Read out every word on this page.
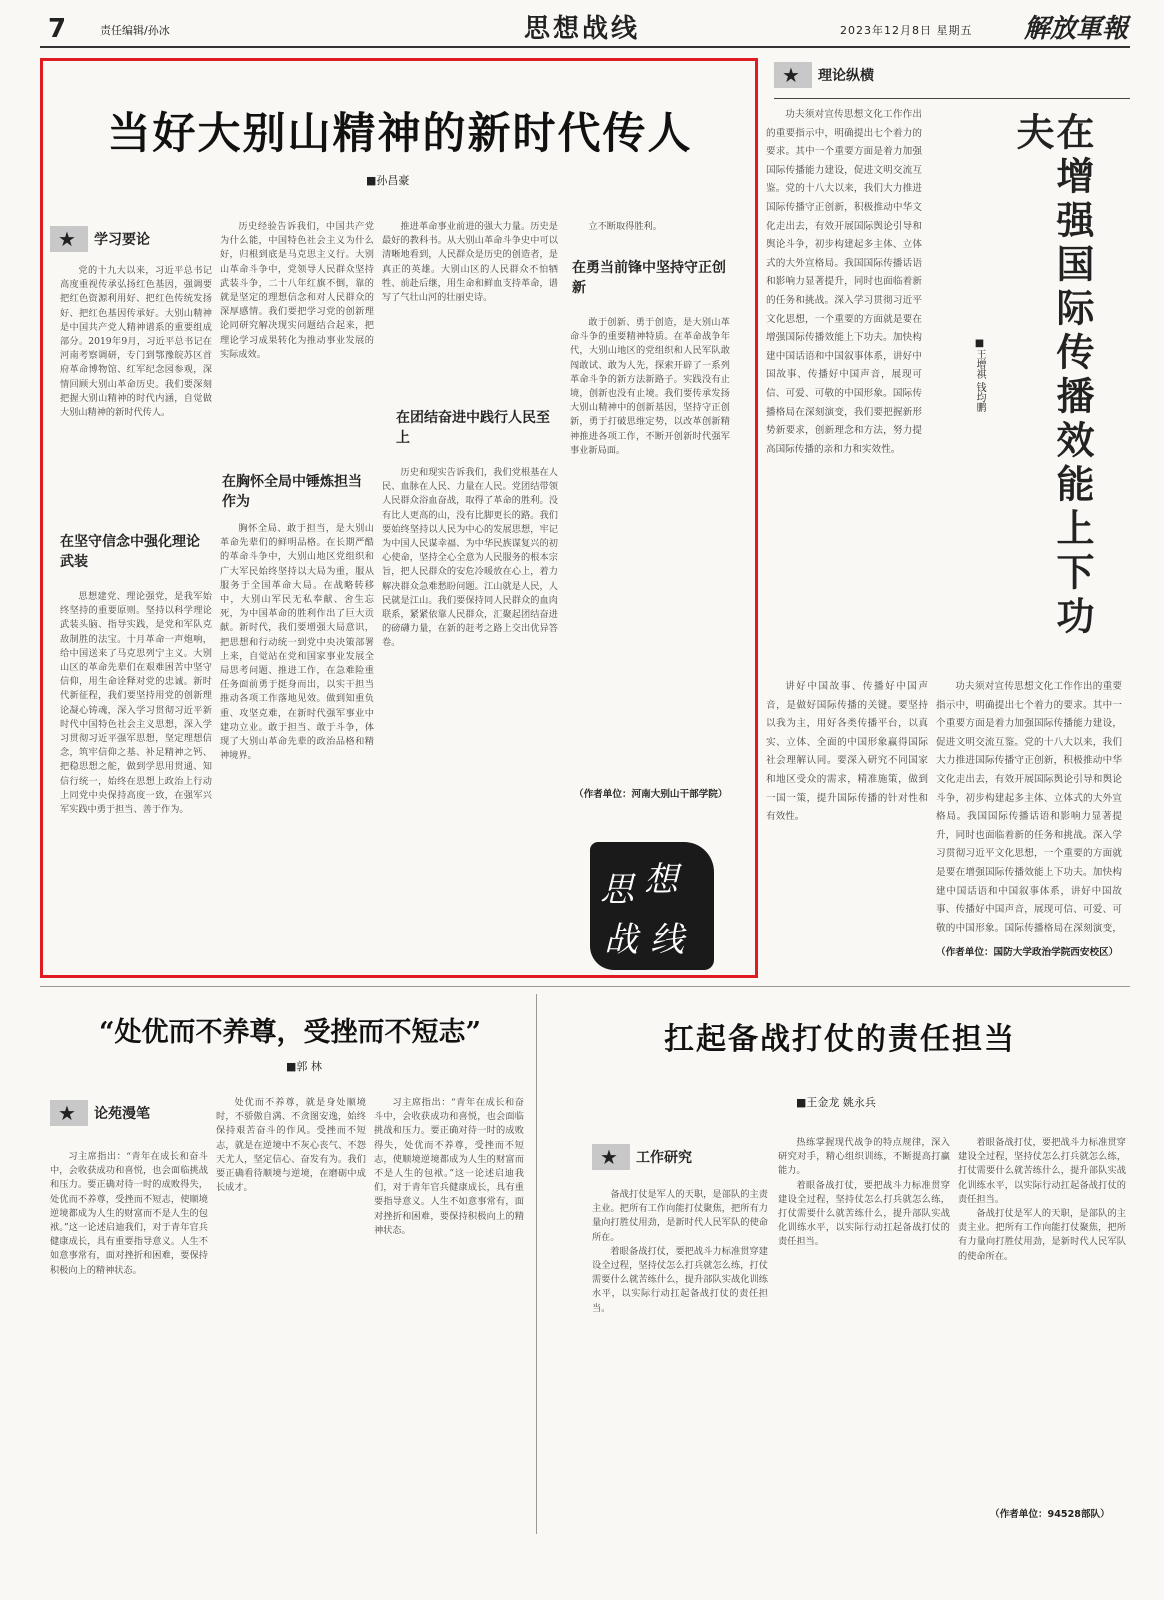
7	责任编辑/孙冰	思想战线	2023年12月8日 星期五 解放軍報
当好大别山精神的新时代传人
■孙昌豪
★ 学习要论

党的十九大以来，习近平总书记高度重视传承弘扬红色基因，强调要把红色资源利用好、把红色传统发扬好、把红色基因传承好。大别山精神是中国共产党人精神谱系的重要组成部分。2019年9月，习近平总书记在河南考察调研，专门到鄂豫皖苏区首府革命博物馆、红军纪念园参观，深情回顾大别山革命历史。我们要深刻把握大别山精神的时代内涵，自觉做大别山精神的新时代传人。

在坚守信念中强化理论武装

思想建党、理论强党，是我军始终坚持的重要原则。坚持以科学理论武装头脑、指导实践，是党和军队克敌制胜的法宝。十月革命一声炮响，给中国送来了马克思列宁主义。大别山区的革命先辈们在艰难困苦中坚守信仰，用生命诠释对党的忠诚。新时代新征程，我们要坚持用党的创新理论凝心铸魂，深入学习贯彻习近平新时代中国特色社会主义思想，深入学习贯彻习近平强军思想，坚定理想信念，筑牢信仰之基、补足精神之钙、把稳思想之舵，做到学思用贯通、知信行统一，始终在思想上政治上行动上同党中央保持高度一致，在强军兴军实践中勇于担当、善于作为。

历史经验告诉我们，中国共产党为什么能，中国特色社会主义为什么好，归根到底是马克思主义行。大别山革命斗争中，党领导人民群众坚持武装斗争，二十八年红旗不倒，靠的就是坚定的理想信念和对人民群众的深厚感情。我们要把学习党的创新理论同研究解决现实问题结合起来，把理论学习成果转化为推动事业发展的实际成效。

在胸怀全局中锤炼担当作为

胸怀全局、敢于担当，是大别山革命先辈们的鲜明品格。在长期严酷的革命斗争中，大别山地区党组织和广大军民始终坚持以大局为重，服从服务于全国革命大局。在战略转移中，大别山军民无私奉献、舍生忘死，为中国革命的胜利作出了巨大贡献。新时代，我们要增强大局意识，把思想和行动统一到党中央决策部署上来，自觉站在党和国家事业发展全局思考问题、推进工作，在急难险重任务面前勇于挺身而出，以实干担当推动各项工作落地见效。做到知重负重、攻坚克难，在新时代强军事业中建功立业。敢于担当、敢于斗争，体现了大别山革命先辈的政治品格和精神境界。

推进革命事业前进的强大力量。历史是最好的教科书。从大别山革命斗争史中可以清晰地看到，人民群众是历史的创造者，是真正的英雄。大别山区的人民群众不怕牺牲、前赴后继，用生命和鲜血支持革命，谱写了气壮山河的壮丽史诗。

在团结奋进中践行人民至上

历史和现实告诉我们，我们党根基在人民、血脉在人民、力量在人民。党团结带领人民群众浴血奋战，取得了革命的胜利。没有比人更高的山，没有比脚更长的路。我们要始终坚持以人民为中心的发展思想，牢记为中国人民谋幸福、为中华民族谋复兴的初心使命，坚持全心全意为人民服务的根本宗旨，把人民群众的安危冷暖放在心上，着力解决群众急难愁盼问题。江山就是人民，人民就是江山。我们要保持同人民群众的血肉联系，紧紧依靠人民群众，汇聚起团结奋进的磅礴力量，在新的赶考之路上交出优异答卷。

立不断取得胜利。

在勇当前锋中坚持守正创新

敢于创新、勇于创造，是大别山革命斗争的重要精神特质。在革命战争年代，大别山地区的党组织和人民军队敢闯敢试、敢为人先，探索开辟了一系列革命斗争的新方法新路子。实践没有止境，创新也没有止境。我们要传承发扬大别山精神中的创新基因，坚持守正创新，勇于打破思维定势，以改革创新精神推进各项工作，不断开创新时代强军事业新局面。

（作者单位：河南大别山干部学院）
想
思
战 线
★ 理论纵横

功夫须对宣传思想文化工作作出的重要指示中，明确提出七个着力的要求。其中一个重要方面是着力加强国际传播能力建设，促进文明交流互鉴。党的十八大以来，我们大力推进国际传播守正创新，积极推动中华文化走出去，有效开展国际舆论引导和舆论斗争，初步构建起多主体、立体式的大外宣格局。我国国际传播话语和影响力显著提升，同时也面临着新的任务和挑战。深入学习贯彻习近平文化思想，一个重要的方面就是要在增强国际传播效能上下功夫。加快构建中国话语和中国叙事体系，讲好中国故事、传播好中国声音，展现可信、可爱、可敬的中国形象。国际传播格局在深刻演变，我们要把握新形势新要求，创新理念和方法，努力提高国际传播的亲和力和实效性。	在增强国际传播效能上下功夫
■王增祺 钱均鹏

讲好中国故事、传播好中国声音，是做好国际传播的关键。要坚持以我为主，用好各类传播平台，以真实、立体、全面的中国形象赢得国际社会理解认同。要深入研究不同国家和地区受众的需求，精准施策，做到一国一策，提升国际传播的针对性和有效性。

功夫须对宣传思想文化工作作出的重要指示中，明确提出七个着力的要求。其中一个重要方面是着力加强国际传播能力建设，促进文明交流互鉴。党的十八大以来，我们大力推进国际传播守正创新，积极推动中华文化走出去，有效开展国际舆论引导和舆论斗争，初步构建起多主体、立体式的大外宣格局。我国国际传播话语和影响力显著提升，同时也面临着新的任务和挑战。深入学习贯彻习近平文化思想，一个重要的方面就是要在增强国际传播效能上下功夫。加快构建中国话语和中国叙事体系，讲好中国故事、传播好中国声音，展现可信、可爱、可敬的中国形象。国际传播格局在深刻演变，

（作者单位：国防大学政治学院西安校区）
“处优而不养尊，受挫而不短志”
■郭 林
★ 论苑漫笔

习主席指出：“青年在成长和奋斗中，会收获成功和喜悦，也会面临挑战和压力。要正确对待一时的成败得失，处优而不养尊，受挫而不短志，使顺境逆境都成为人生的财富而不是人生的包袱。”这一论述启迪我们，对于青年官兵健康成长，具有重要指导意义。人生不如意事常有，面对挫折和困难，要保持积极向上的精神状态。

处优而不养尊，就是身处顺境时，不骄傲自满、不贪图安逸，始终保持艰苦奋斗的作风。受挫而不短志，就是在逆境中不灰心丧气、不怨天尤人，坚定信心、奋发有为。我们要正确看待顺境与逆境，在磨砺中成长成才。

习主席指出：“青年在成长和奋斗中，会收获成功和喜悦，也会面临挑战和压力。要正确对待一时的成败得失，处优而不养尊，受挫而不短志，使顺境逆境都成为人生的财富而不是人生的包袱。”这一论述启迪我们，对于青年官兵健康成长，具有重要指导意义。人生不如意事常有，面对挫折和困难，要保持积极向上的精神状态。

扛起备战打仗的责任担当
■王金龙 姚永兵
★ 工作研究

备战打仗是军人的天职，是部队的主责主业。把所有工作向能打仗聚焦，把所有力量向打胜仗用劲，是新时代人民军队的使命所在。

着眼备战打仗，要把战斗力标准贯穿建设全过程，坚持仗怎么打兵就怎么练，打仗需要什么就苦练什么，提升部队实战化训练水平，以实际行动扛起备战打仗的责任担当。

热练掌握现代战争的特点规律，深入研究对手，精心组织训练，不断提高打赢能力。

着眼备战打仗，要把战斗力标准贯穿建设全过程，坚持仗怎么打兵就怎么练，打仗需要什么就苦练什么，提升部队实战化训练水平，以实际行动扛起备战打仗的责任担当。

着眼备战打仗，要把战斗力标准贯穿建设全过程，坚持仗怎么打兵就怎么练，打仗需要什么就苦练什么，提升部队实战化训练水平，以实际行动扛起备战打仗的责任担当。

备战打仗是军人的天职，是部队的主责主业。把所有工作向能打仗聚焦，把所有力量向打胜仗用劲，是新时代人民军队的使命所在。

（作者单位：94528部队）
